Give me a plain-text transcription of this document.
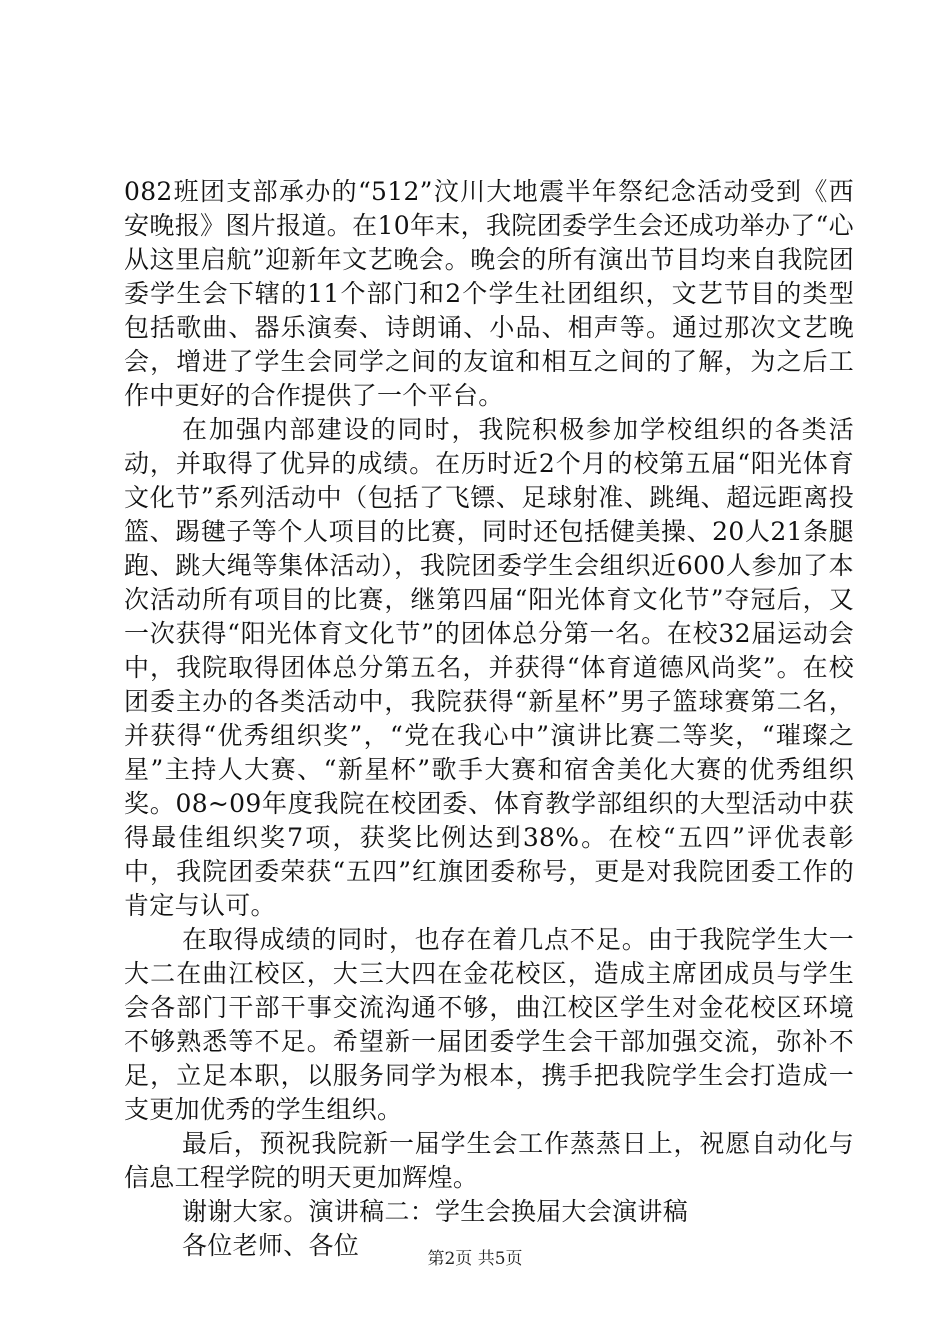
082班团支部承办的“512”汶川大地震半年祭纪念活动受到《西安晚报》图片报道。在10年末，我院团委学生会还成功举办了“心从这里启航”迎新年文艺晚会。晚会的所有演出节目均来自我院团委学生会下辖的11个部门和2个学生社团组织，文艺节目的类型包括歌曲、器乐演奏、诗朗诵、小品、相声等。通过那次文艺晚会，增进了学生会同学之间的友谊和相互之间的了解，为之后工作中更好的合作提供了一个平台。

在加强内部建设的同时，我院积极参加学校组织的各类活动，并取得了优异的成绩。在历时近2个月的校第五届“阳光体育文化节”系列活动中（包括了飞镖、足球射准、跳绳、超远距离投篮、踢毽子等个人项目的比赛，同时还包括健美操、20人21条腿跑、跳大绳等集体活动），我院团委学生会组织近600人参加了本次活动所有项目的比赛，继第四届“阳光体育文化节”夺冠后，又一次获得“阳光体育文化节”的团体总分第一名。在校32届运动会中，我院取得团体总分第五名，并获得“体育道德风尚奖”。在校团委主办的各类活动中，我院获得“新星杯”男子篮球赛第二名，并获得“优秀组织奖”，“党在我心中”演讲比赛二等奖，“璀璨之星”主持人大赛、“新星杯”歌手大赛和宿舍美化大赛的优秀组织奖。08~09年度我院在校团委、体育教学部组织的大型活动中获得最佳组织奖7项，获奖比例达到38%。在校“五四”评优表彰中，我院团委荣获“五四”红旗团委称号，更是对我院团委工作的肯定与认可。

在取得成绩的同时，也存在着几点不足。由于我院学生大一大二在曲江校区，大三大四在金花校区，造成主席团成员与学生会各部门干部干事交流沟通不够，曲江校区学生对金花校区环境不够熟悉等不足。希望新一届团委学生会干部加强交流，弥补不足，立足本职，以服务同学为根本，携手把我院学生会打造成一支更加优秀的学生组织。

最后，预祝我院新一届学生会工作蒸蒸日上，祝愿自动化与信息工程学院的明天更加辉煌。

谢谢大家。演讲稿二：学生会换届大会演讲稿

各位老师、各位	第2页 共5页
